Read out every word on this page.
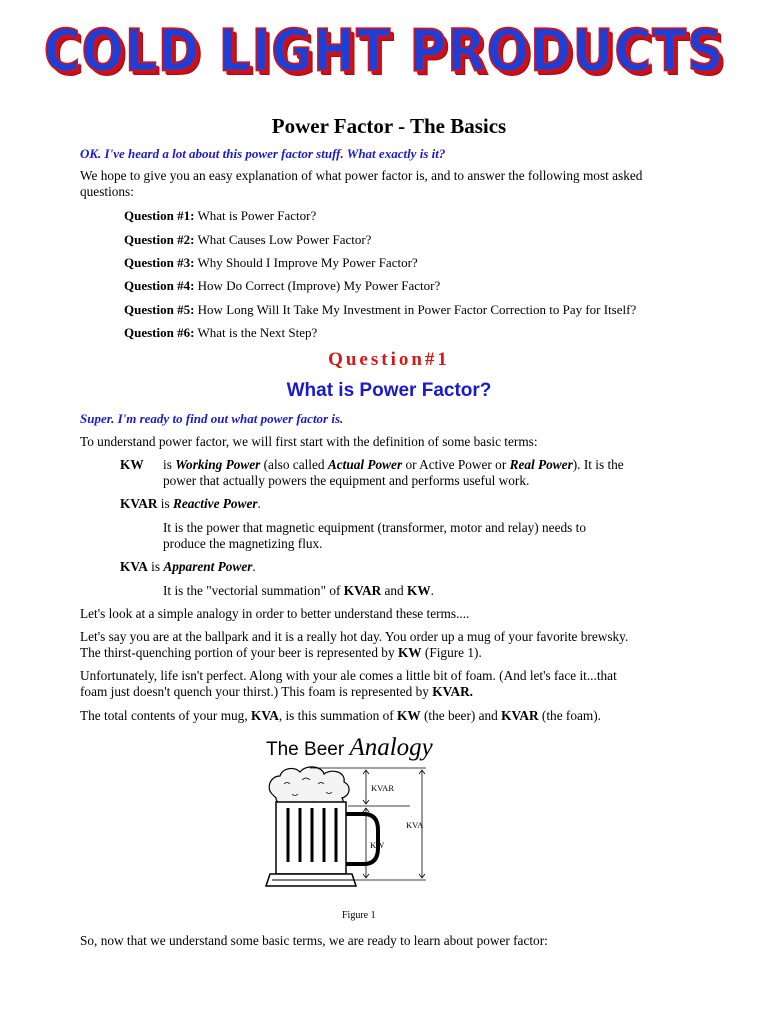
COLD LIGHT PRODUCTS
Power Factor - The Basics
OK. I've heard a lot about this power factor stuff. What exactly is it?
We hope to give you an easy explanation of what power factor is, and to answer the following most asked questions:
Question #1: What is Power Factor?
Question #2: What Causes Low Power Factor?
Question #3: Why Should I Improve My Power Factor?
Question #4: How Do Correct (Improve) My Power Factor?
Question #5: How Long Will It Take My Investment in Power Factor Correction to Pay for Itself?
Question #6: What is the Next Step?
Question#1
What is Power Factor?
Super. I'm ready to find out what power factor is.
To understand power factor, we will first start with the definition of some basic terms:
KW is Working Power (also called Actual Power or Active Power or Real Power). It is the
power that actually powers the equipment and performs useful work.
KVAR is Reactive Power.
It is the power that magnetic equipment (transformer, motor and relay) needs to
produce the magnetizing flux.
KVA is Apparent Power.
It is the "vectorial summation" of KVAR and KW.
Let's look at a simple analogy in order to better understand these terms....
Let's say you are at the ballpark and it is a really hot day. You order up a mug of your favorite brewsky.
The thirst-quenching portion of your beer is represented by KW (Figure 1).
Unfortunately, life isn't perfect. Along with your ale comes a little bit of foam. (And let's face it...that
foam just doesn't quench your thirst.) This foam is represented by KVAR.
The total contents of your mug, KVA, is this summation of KW (the beer) and KVAR (the foam).
The Beer Analogy
KVAR
KVA
KW
Figure 1
So, now that we understand some basic terms, we are ready to learn about power factor:
